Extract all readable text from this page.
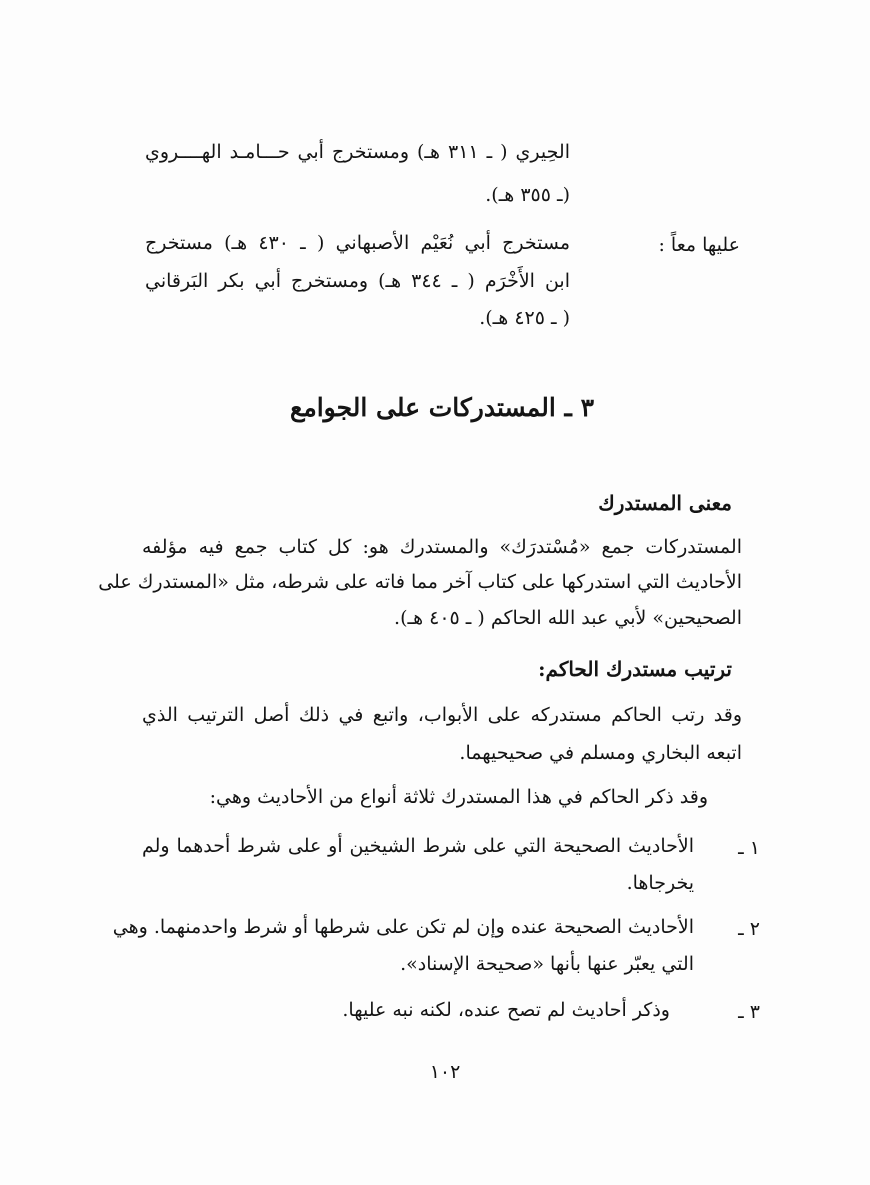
الحِيري ( ـ ٣١١ هـ) ومستخرج أبي حـــامـد الهــــروي
(ـ ٣٥٥ هـ).
عليها معاً :
مستخرج أبي نُعَيْم الأصبهاني ( ـ ٤٣٠ هـ) مستخرج
ابن الأَخْرَم ( ـ ٣٤٤ هـ) ومستخرج أبي بكر البَرقاني
( ـ ٤٢٥ هـ).
٣ ـ المستدركات على الجوامع
معنى المستدرك
المستدركات جمع «مُسْتدرَك» والمستدرك هو: كل كتاب جمع فيه مؤلفه
الأحاديث التي استدركها على كتاب آخر مما فاته على شرطه، مثل «المستدرك على
الصحيحين» لأبي عبد الله الحاكم ( ـ ٤٠٥ هـ).
ترتيب مستدرك الحاكم:
وقد رتب الحاكم مستدركه على الأبواب، واتبع في ذلك أصل الترتيب الذي
اتبعه البخاري ومسلم في صحيحيهما.
وقد ذكر الحاكم في هذا المستدرك ثلاثة أنواع من الأحاديث وهي:
١ ـ
الأحاديث الصحيحة التي على شرط الشيخين أو على شرط أحدهما ولم
يخرجاها.
٢ ـ
الأحاديث الصحيحة عنده وإن لم تكن على شرطها أو شرط واحدمنهما. وهي
التي يعبّر عنها بأنها «صحيحة الإسناد».
٣ ـ
وذكر أحاديث لم تصح عنده، لكنه نبه عليها.
١٠٢
